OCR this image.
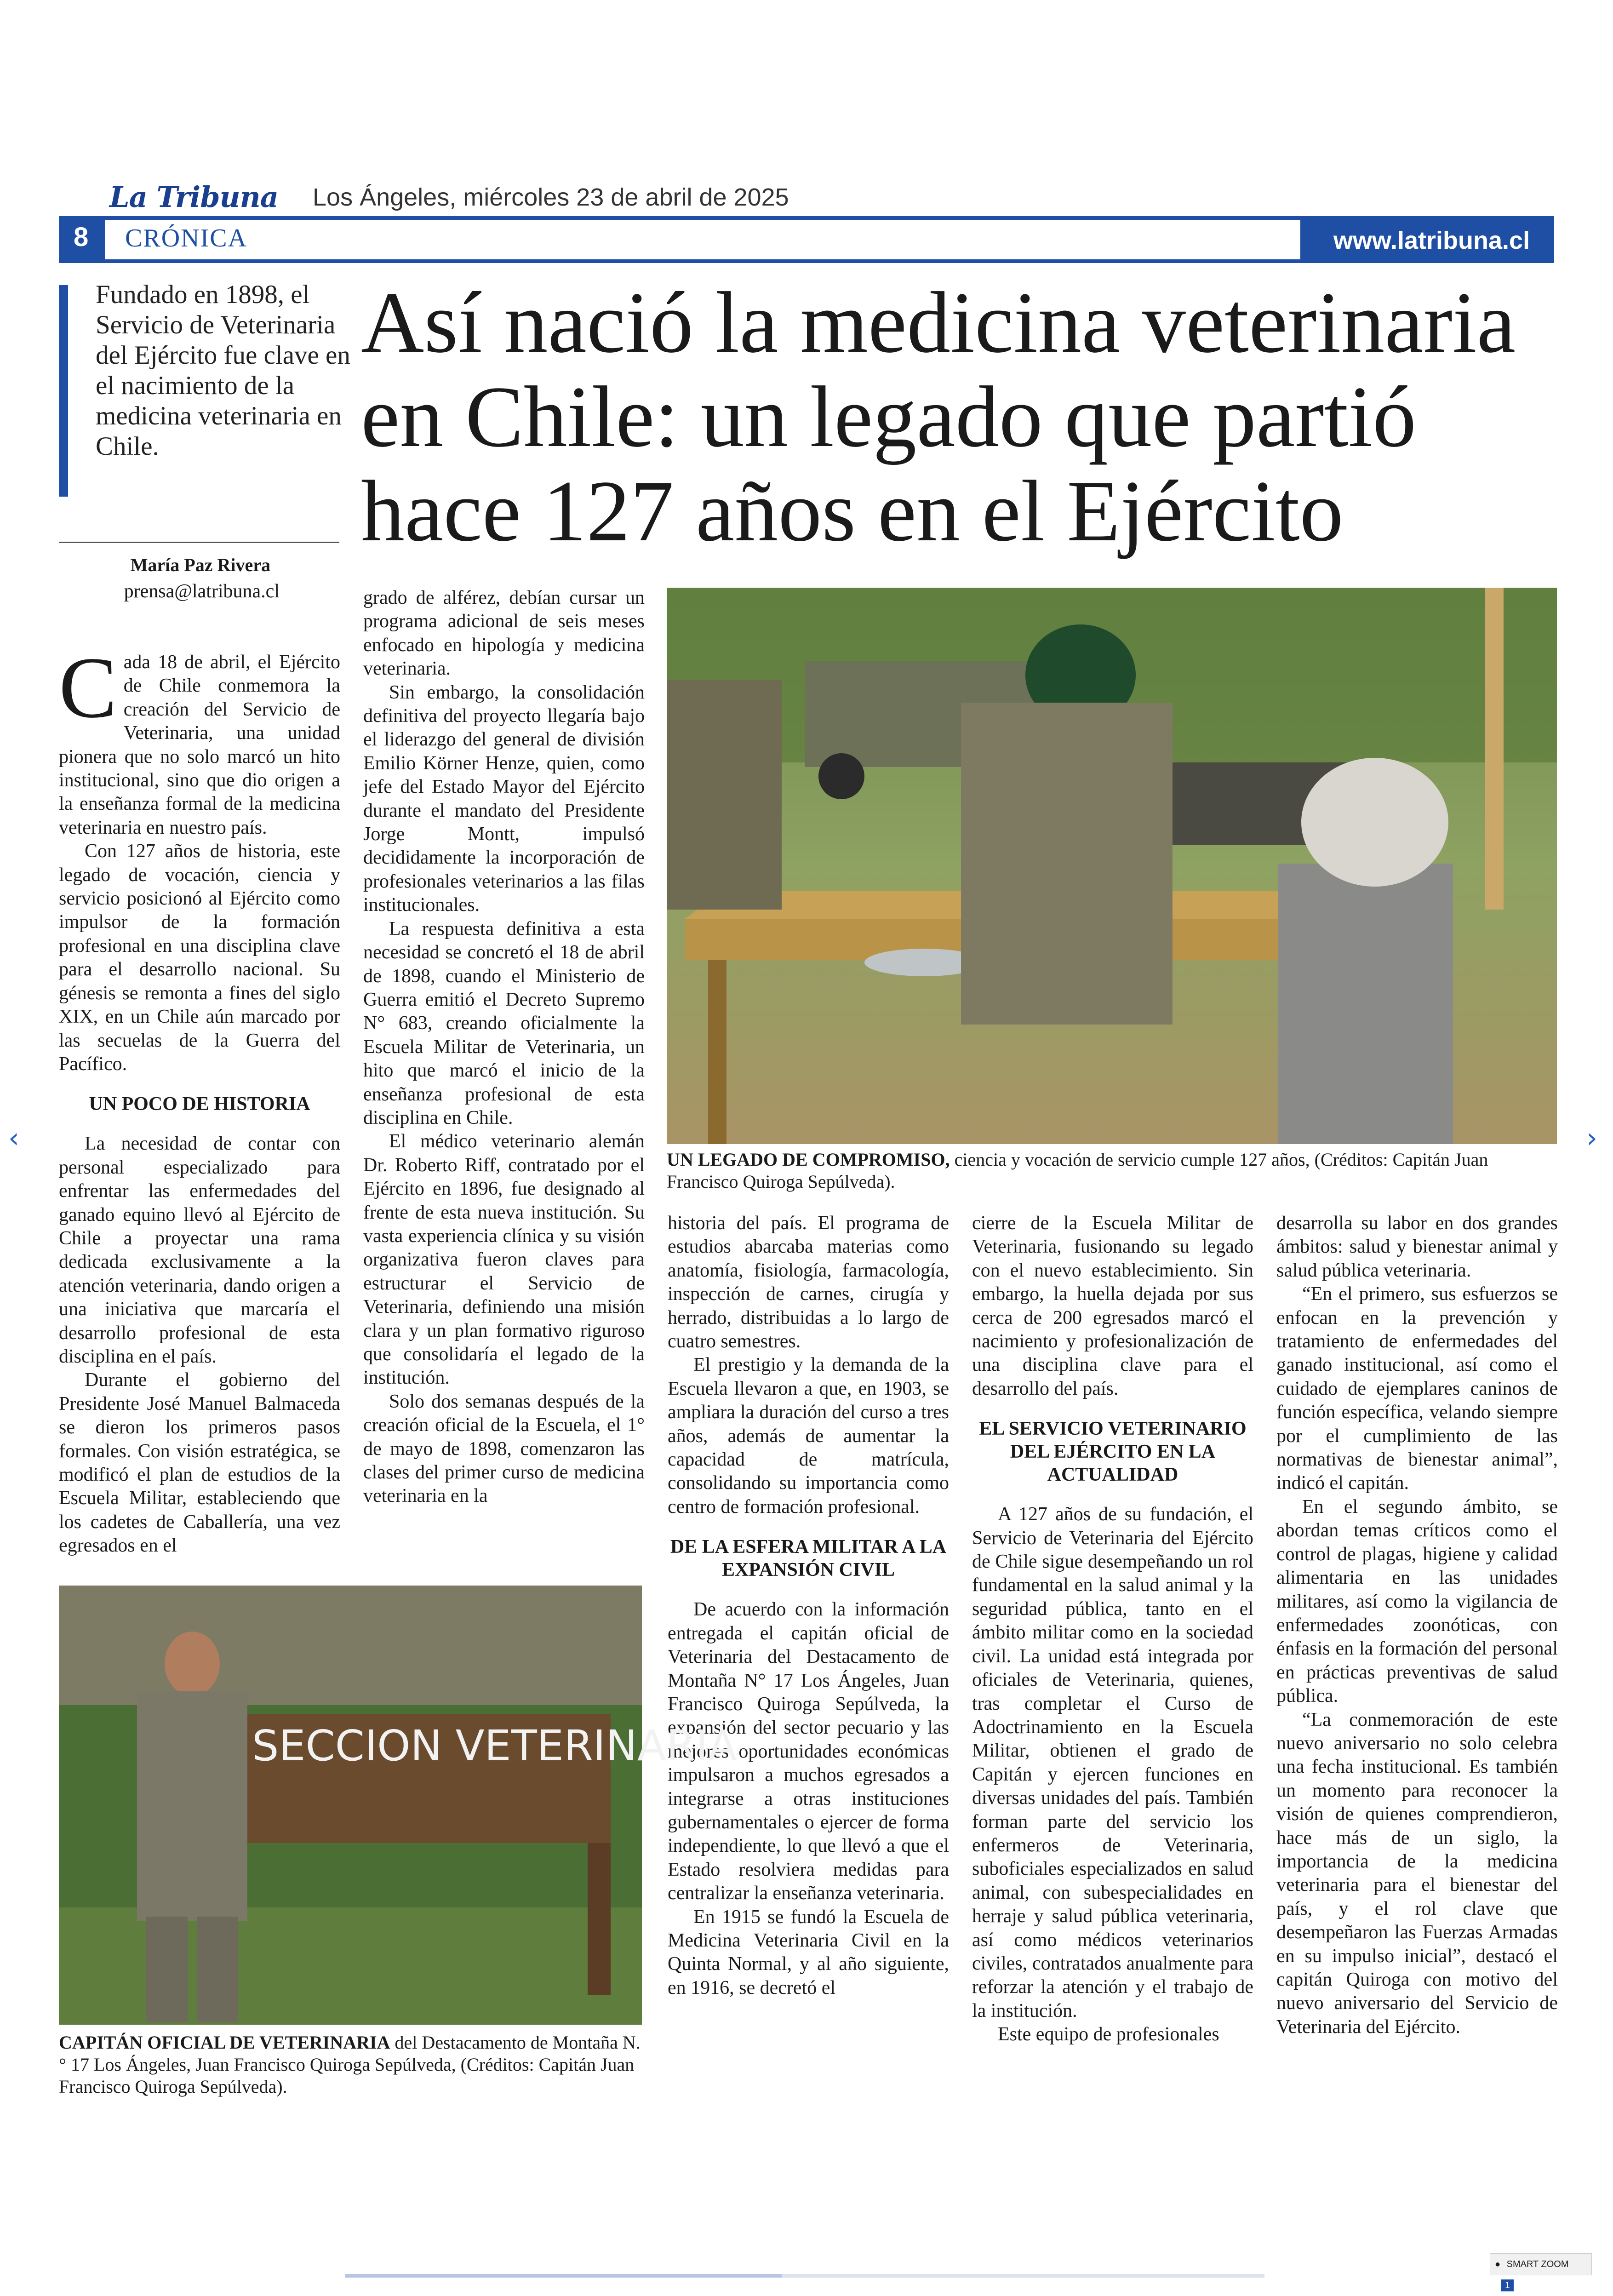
La Tribuna Los Ángeles, miércoles 23 de abril de 2025
8 CRÓNICA	www.latribuna.cl
Fundado en 1898, el Servicio de Veterinaria del Ejército fue clave en el nacimiento de la medicina veterinaria en Chile.
Así nació la medicina veterinaria en Chile: un legado que partió hace 127 años en el Ejército
María Paz Rivera
prensa@latribuna.cl

Cada 18 de abril, el Ejército de Chile conmemora la creación del Servicio de Veterinaria, una unidad pionera que no solo marcó un hito institucional, sino que dio origen a la enseñanza formal de la medicina veterinaria en nuestro país.

Con 127 años de historia, este legado de vocación, ciencia y servicio posicionó al Ejército como impulsor de la formación profesional en una disciplina clave para el desarrollo nacional. Su génesis se remonta a fines del siglo XIX, en un Chile aún marcado por las secuelas de la Guerra del Pacífico.

UN POCO DE HISTORIA

La necesidad de contar con personal especializado para enfrentar las enfermedades del ganado equino llevó al Ejército de Chile a proyectar una rama dedicada exclusivamente a la atención veterinaria, dando origen a una iniciativa que marcaría el desarrollo profesional de esta disciplina en el país.

Durante el gobierno del Presidente José Manuel Balmaceda se dieron los primeros pasos formales. Con visión estratégica, se modificó el plan de estudios de la Escuela Militar, estableciendo que los cadetes de Caballería, una vez egresados en el

grado de alférez, debían cursar un programa adicional de seis meses enfocado en hipología y medicina veterinaria.

Sin embargo, la consolidación definitiva del proyecto llegaría bajo el liderazgo del general de división Emilio Körner Henze, quien, como jefe del Estado Mayor del Ejército durante el mandato del Presidente Jorge Montt, impulsó decididamente la incorporación de profesionales veterinarios a las filas institucionales.

La respuesta definitiva a esta necesidad se concretó el 18 de abril de 1898, cuando el Ministerio de Guerra emitió el Decreto Supremo N° 683, creando oficialmente la Escuela Militar de Veterinaria, un hito que marcó el inicio de la enseñanza profesional de esta disciplina en Chile.

El médico veterinario alemán Dr. Roberto Riff, contratado por el Ejército en 1896, fue designado al frente de esta nueva institución. Su vasta experiencia clínica y su visión organizativa fueron claves para estructurar el Servicio de Veterinaria, definiendo una misión clara y un plan formativo riguroso que consolidaría el legado de la institución.

Solo dos semanas después de la creación oficial de la Escuela, el 1° de mayo de 1898, comenzaron las clases del primer curso de medicina veterinaria en la

UN LEGADO DE COMPROMISO, ciencia y vocación de servicio cumple 127 años, (Créditos: Capitán Juan Francisco Quiroga Sepúlveda).

historia del país. El programa de estudios abarcaba materias como anatomía, fisiología, farmacología, inspección de carnes, cirugía y herrado, distribuidas a lo largo de cuatro semestres.

El prestigio y la demanda de la Escuela llevaron a que, en 1903, se ampliara la duración del curso a tres años, además de aumentar la capacidad de matrícula, consolidando su importancia como centro de formación profesional.

DE LA ESFERA MILITAR A LA EXPANSIÓN CIVIL

De acuerdo con la información entregada el capitán oficial de Veterinaria del Destacamento de Montaña N° 17 Los Ángeles, Juan Francisco Quiroga Sepúlveda, la expansión del sector pecuario y las mejores oportunidades económicas impulsaron a muchos egresados a integrarse a otras instituciones gubernamentales o ejercer de forma independiente, lo que llevó a que el Estado resolviera medidas para centralizar la enseñanza veterinaria.

En 1915 se fundó la Escuela de Medicina Veterinaria Civil en la Quinta Normal, y al año siguiente, en 1916, se decretó el

cierre de la Escuela Militar de Veterinaria, fusionando su legado con el nuevo establecimiento. Sin embargo, la huella dejada por sus cerca de 200 egresados marcó el nacimiento y profesionalización de una disciplina clave para el desarrollo del país.

EL SERVICIO VETERINARIO DEL EJÉRCITO EN LA ACTUALIDAD

A 127 años de su fundación, el Servicio de Veterinaria del Ejército de Chile sigue desempeñando un rol fundamental en la salud animal y la seguridad pública, tanto en el ámbito militar como en la sociedad civil. La unidad está integrada por oficiales de Veterinaria, quienes, tras completar el Curso de Adoctrinamiento en la Escuela Militar, obtienen el grado de Capitán y ejercen funciones en diversas unidades del país. También forman parte del servicio los enfermeros de Veterinaria, suboficiales especializados en salud animal, con subespecialidades en herraje y salud pública veterinaria, así como médicos veterinarios civiles, contratados anualmente para reforzar la atención y el trabajo de la institución.

Este equipo de profesionales

desarrolla su labor en dos grandes ámbitos: salud y bienestar animal y salud pública veterinaria.

“En el primero, sus esfuerzos se enfocan en la prevención y tratamiento de enfermedades del ganado institucional, así como el cuidado de ejemplares caninos de función específica, velando siempre por el cumplimiento de las normativas de bienestar animal”, indicó el capitán.

En el segundo ámbito, se abordan temas críticos como el control de plagas, higiene y calidad alimentaria en las unidades militares, así como la vigilancia de enfermedades zoonóticas, con énfasis en la formación del personal en prácticas preventivas de salud pública.

“La conmemoración de este nuevo aniversario no solo celebra una fecha institucional. Es también un momento para reconocer la visión de quienes comprendieron, hace más de un siglo, la importancia de la medicina veterinaria para el bienestar del país, y el rol clave que desempeñaron las Fuerzas Armadas en su impulso inicial”, destacó el capitán Quiroga con motivo del nuevo aniversario del Servicio de Veterinaria del Ejército.

SECCION VETERINARIA
CAPITÁN OFICIAL DE VETERINARIA del Destacamento de Montaña N.° 17 Los Ángeles, Juan Francisco Quiroga Sepúlveda, (Créditos: Capitán Juan Francisco Quiroga Sepúlveda).
‹	›
● SMART ZOOM 1
